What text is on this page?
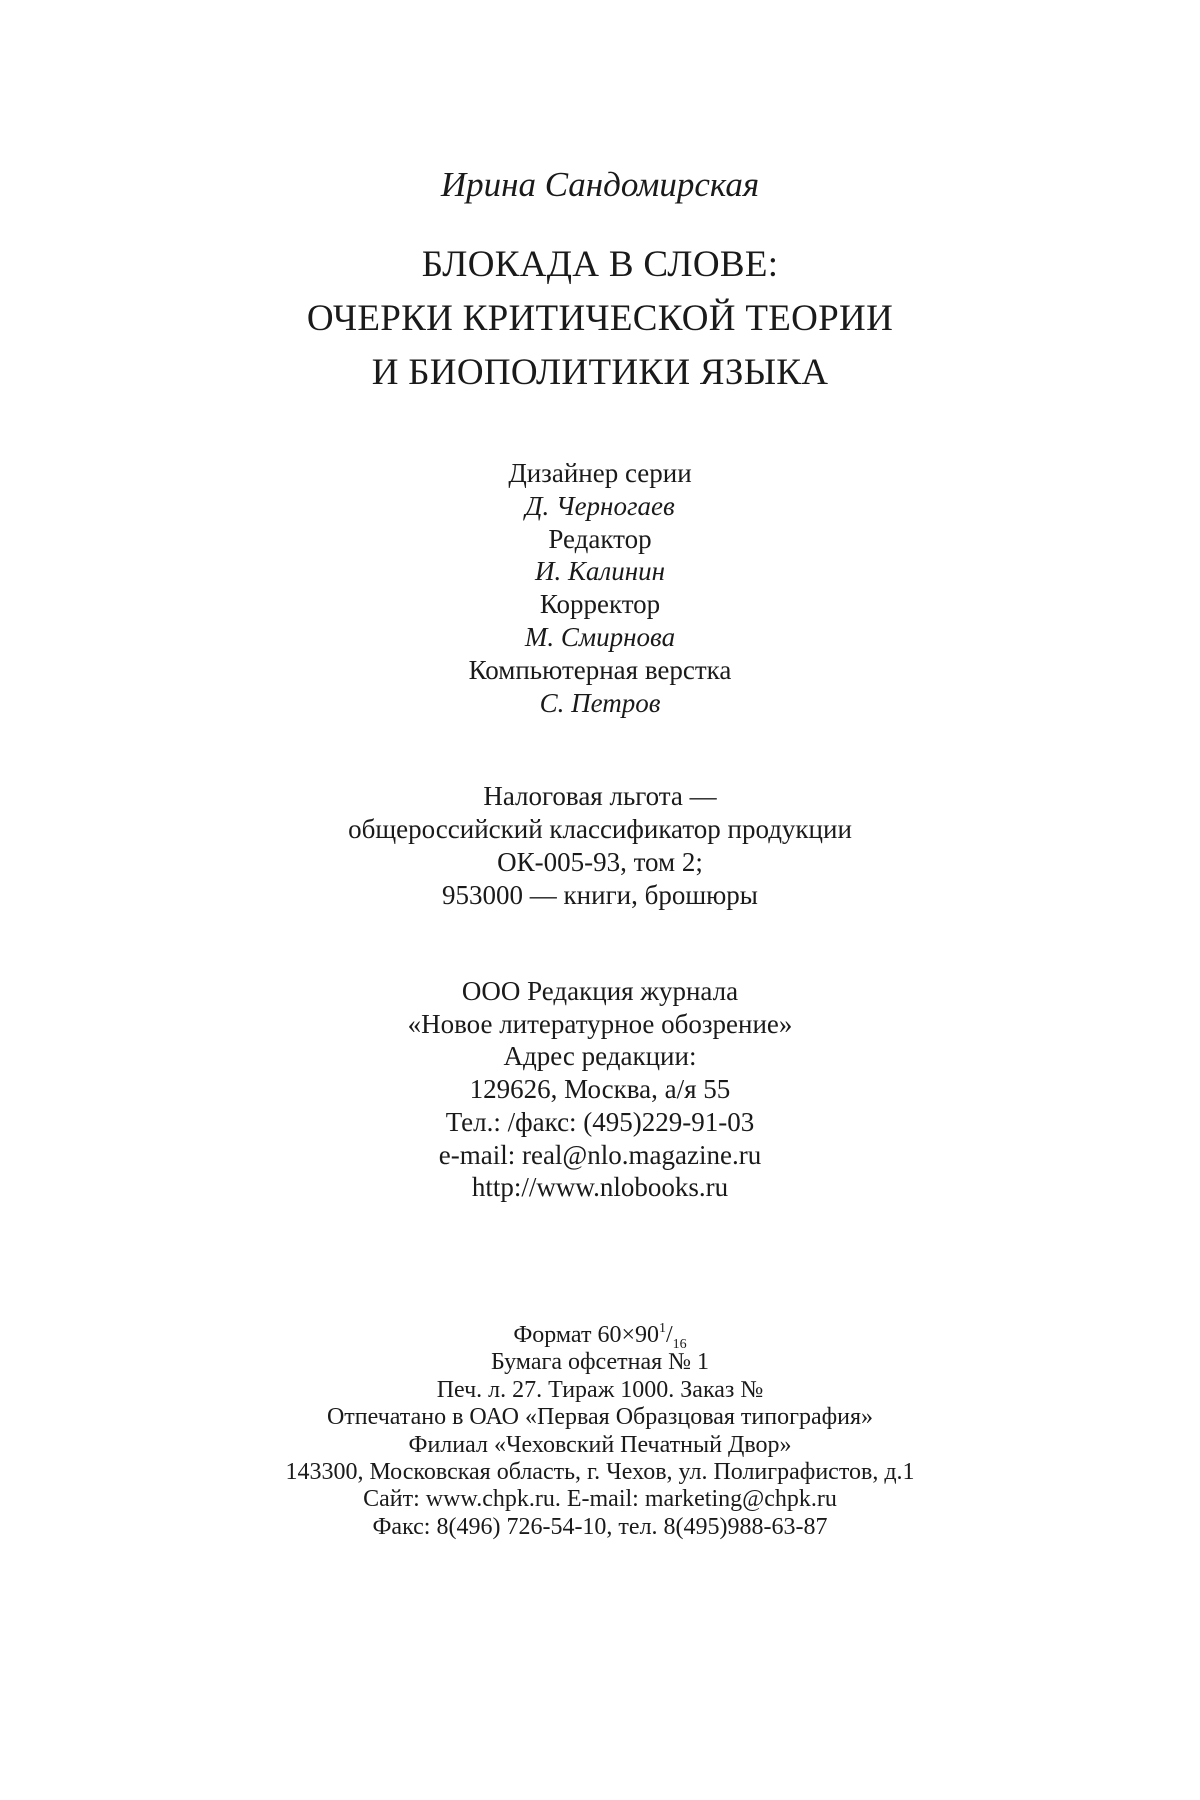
Ирина Сандомирская
БЛОКАДА В СЛОВЕ:
ОЧЕРКИ КРИТИЧЕСКОЙ ТЕОРИИ
И БИОПОЛИТИКИ ЯЗЫКА
Дизайнер серии
Д. Черногаев
Редактор
И. Калинин
Корректор
М. Смирнова
Компьютерная верстка
С. Петров
Налоговая льгота —
общероссийский классификатор продукции
ОК-005-93, том 2;
953000 — книги, брошюры
ООО Редакция журнала
«Новое литературное обозрение»
Адрес редакции:
129626, Москва, а/я 55
Тел.: /факс: (495)229-91-03
e-mail: real@nlo.magazine.ru
http://www.nlobooks.ru
Формат $60\times 90^1/_{16}$
Бумага офсетная № 1
Печ. л. 27. Тираж 1000. Заказ №
Отпечатано в ОАО «Первая Образцовая типография»
Филиал «Чеховский Печатный Двор»
143300, Московская область, г. Чехов, ул. Полиграфистов, д.1
Сайт: www.chpk.ru. E-mail: marketing@chpk.ru
Факс: 8(496) 726-54-10, тел. 8(495)988-63-87
